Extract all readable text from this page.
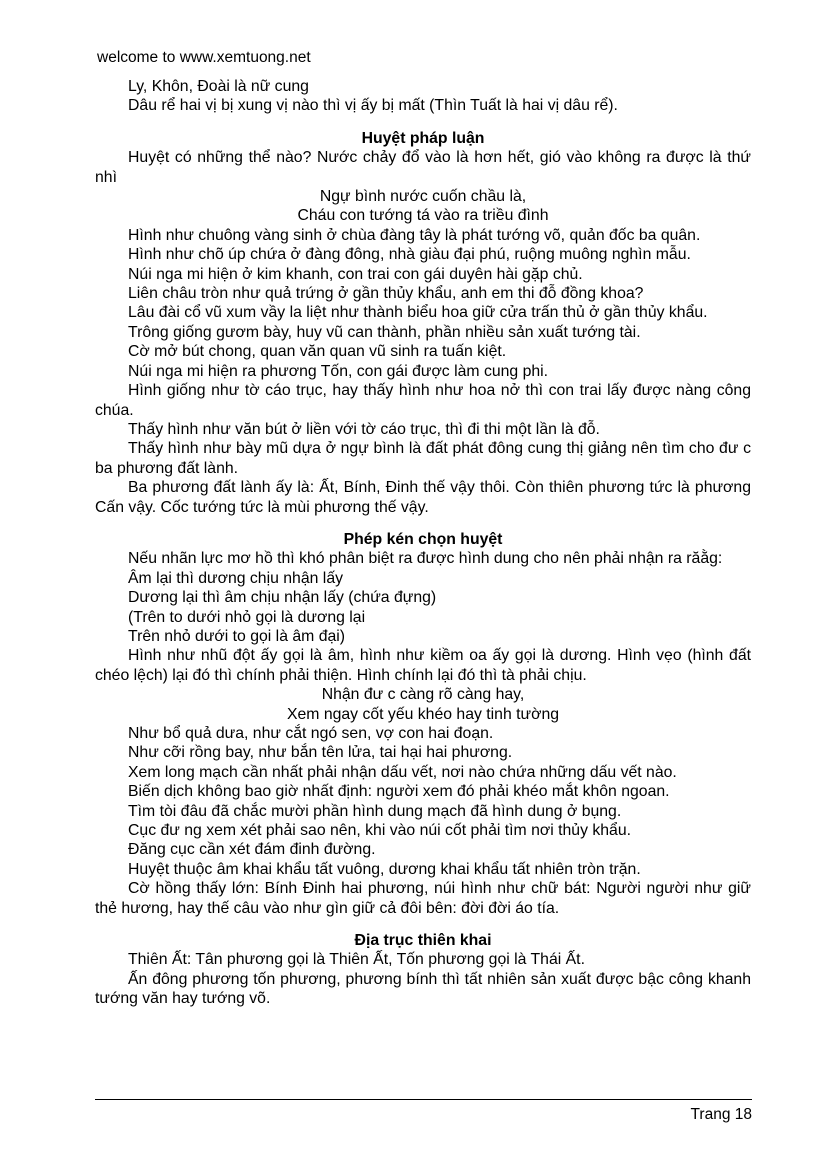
welcome to www.xemtuong.net

Ly, Khôn, Đoài là nữ cung

Dâu rể hai vị bị xung vị nào thì vị ấy bị mất (Thìn Tuất là hai vị dâu rể).

Huyệt pháp luận

Huyệt có những thể nào? Nước chảy đổ vào là hơn hết, gió vào không ra được là thứ nhì

Ngự bình nước cuốn chầu là,

Cháu con tướng tá vào ra triều đình

Hình như chuông vàng sinh ở chùa đàng tây là phát tướng võ, quản đốc ba quân.

Hình như chõ úp chứa ở đàng đông, nhà giàu đại phú, ruộng muông nghìn mẫu.

Núi nga mi hiện ở kim khanh, con trai con gái duyên hài gặp chủ.

Liên châu tròn như quả trứng ở gần thủy khẩu, anh em thi đỗ đồng khoa?

Lâu đài cổ vũ xum vầy la liệt như thành biểu hoa giữ cửa trấn thủ ở gần thủy khẩu.

Trông giống gươm bày, huy vũ can thành, phần nhiều sản xuất tướng tài.

Cờ mở bút chong, quan văn quan vũ sinh ra tuấn kiệt.

Núi nga mi hiện ra phương Tốn, con gái được làm cung phi.

Hình giống như tờ cáo trục, hay thấy hình như hoa nở thì con trai lấy được nàng công chúa.

Thấy hình như văn bút ở liền với tờ cáo trục, thì đi thi một lần là đỗ.

Thấy hình như bày mũ dựa ở ngự bình là đất phát đông cung thị giảng nên tìm cho đư c ba phương đất lành.

Ba phương đất lành ấy là: Ất, Bính, Đinh thế vậy thôi. Còn thiên phương tức là phương Cấn vậy. Cốc tướng tức là mùi phương thế vậy.

Phép kén chọn huyệt

Nếu nhãn lực mơ hồ thì khó phân biệt ra được hình dung cho nên phải nhận ra răằg:

Âm lại thì dương chịu nhận lấy

Dương lại thì âm chịu nhận lấy (chứa đựng)

(Trên to dưới nhỏ gọi là dương lại

Trên nhỏ dưới to gọi là âm đại)

Hình như nhũ đột ấy gọi là âm, hình như kiềm oa ấy gọi là dương. Hình vẹo (hình đất chéo lệch) lại đó thì chính phải thiện. Hình chính lại đó thì tà phải chịu.

Nhận đư c càng rõ càng hay,

Xem ngay cốt yếu khéo hay tinh tường

Như bổ quả dưa, như cắt ngó sen, vợ con hai đoạn.

Như cỡi rồng bay, như bắn tên lửa, tai hại hai phương.

Xem long mạch cần nhất phải nhận dấu vết, nơi nào chứa những dấu vết nào.

Biến dịch không bao giờ nhất định: người xem đó phải khéo mắt khôn ngoan.

Tìm tòi đâu đã chắc mười phần hình dung mạch đã hình dung ở bụng.

Cục đư ng xem xét phải sao nên, khi vào núi cốt phải tìm nơi thủy khẩu.

Đăng cục cần xét đám đinh đường.

Huyệt thuộc âm khai khẩu tất vuông, dương khai khẩu tất nhiên tròn trặn.

Cờ hồng thấy lớn: Bính Đinh hai phương, núi hình như chữ bát: Người người như giữ thẻ hương, hay thế câu vào như gìn giữ cả đôi bên: đời đời áo tía.

Địa trục thiên khai

Thiên Ất: Tân phương gọi là Thiên Ất, Tốn phương gọi là Thái Ất.

Ấn đông phương tốn phương, phương bính thì tất nhiên sản xuất được bậc công khanh tướng văn hay tướng võ.

Trang 18
